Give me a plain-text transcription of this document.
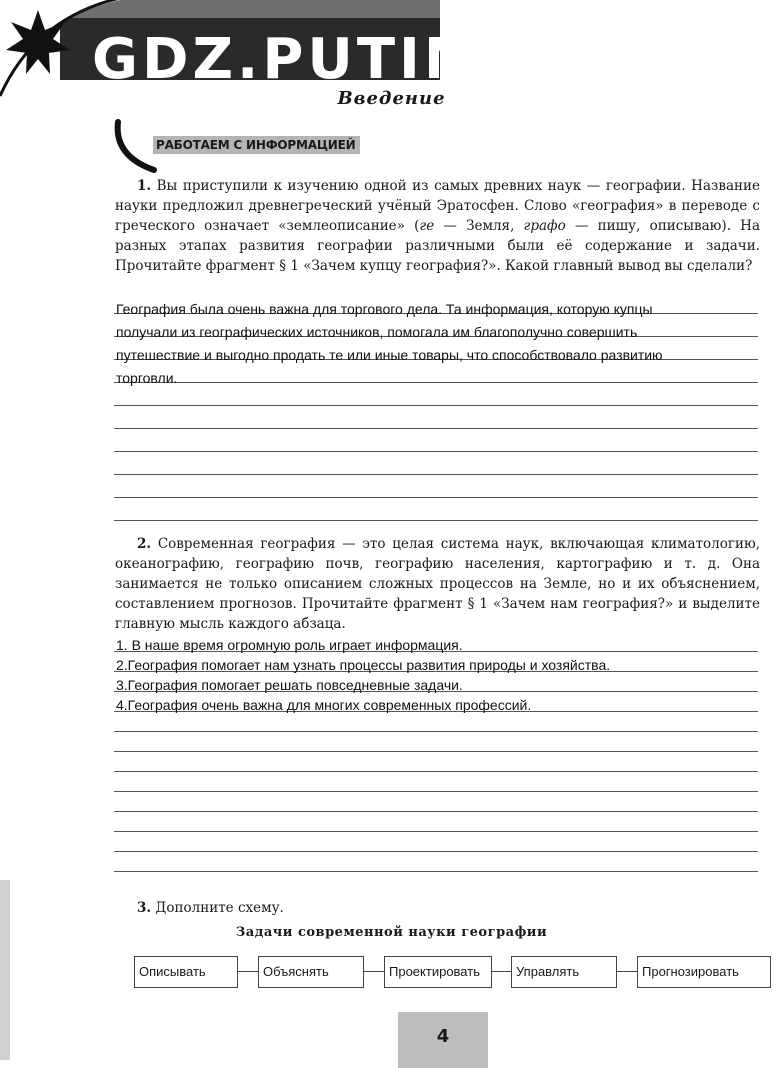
GDZ.PUTINA
Введение
РАБОТАЕМ С ИНФОРМАЦИЕЙ

1. Вы приступили к изучению одной из самых древних наук — географии. Название науки предложил древнегреческий учёный Эратосфен. Слово «география» в переводе с греческого означает «землеописание» (ге — Земля, графо — пишу, описываю). На разных этапах развития географии различными были её содержание и задачи. Прочитайте фрагмент § 1 «Зачем купцу география?». Какой главный вывод вы сделали?

География была очень важна для торгового дела. Та информация, которую купцы
получали из географических источников, помогала им благополучно совершить
путешествие и выгодно продать те или иные товары, что способствовало развитию
торговли.

2. Современная география — это целая система наук, включающая климатологию, океанографию, географию почв, географию населения, картографию и т. д. Она занимается не только описанием сложных процессов на Земле, но и их объяснением, составлением прогнозов. Прочитайте фрагмент § 1 «Зачем нам география?» и выделите главную мысль каждого абзаца.

1. В наше время огромную роль играет информация.
2.География помогает нам узнать процессы развития природы и хозяйства.
3.География помогает решать повседневные задачи.
4.География очень важна для многих современных профессий.

3. Дополните схему.

Задачи современной науки географии
Описывать	Объяснять	Проектировать	Управлять	Прогнозировать
4
